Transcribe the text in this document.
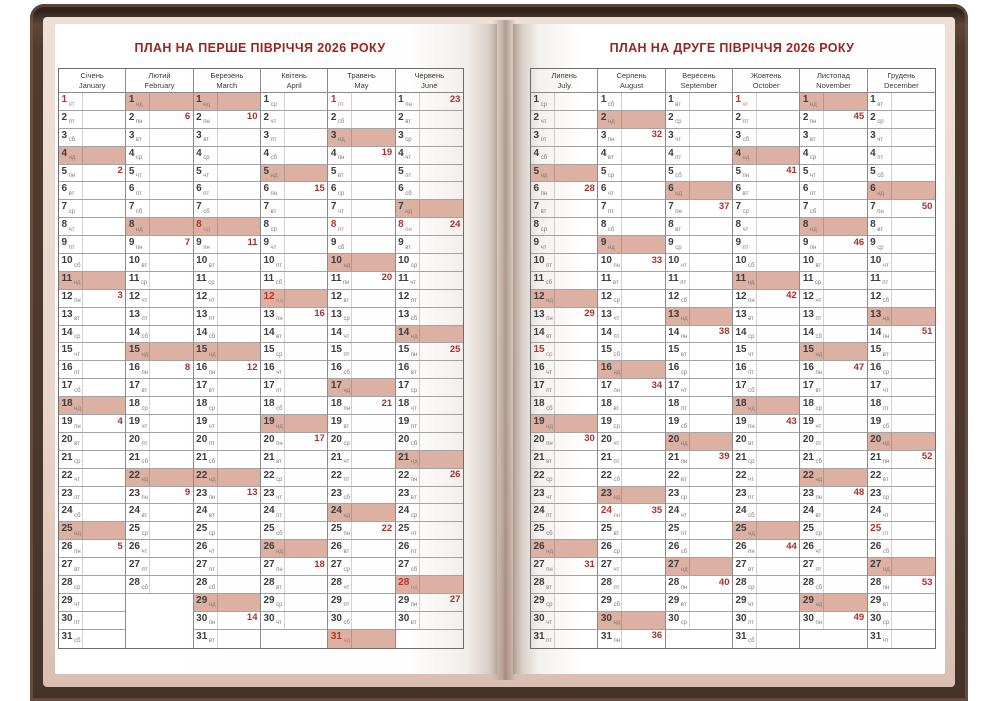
ПЛАН НА ПЕРШЕ ПІВРІЧЧЯ 2026 РОКУ	ПЛАН НА ДРУГЕ ПІВРІЧЧЯ 2026 РОКУ
Січень
January
1 чт
2 пт
3 сб
4 нд
5 пн	2
6 вт
7 ср
8 чт
9 пт
10 сб
11 нд
12 пн	3
13 вт
14 ср
15 чт
16 пт
17 сб
18 нд
19 пн	4
20 вт
21 ср
22 чт
23 пт
24 сб
25 нд
26 пн	5
27 вт
28 ср
29 чт
30 пт
31 сб
Лютий
February
1 нд
2 пн	6
3 вт
4 ср
5 чт
6 пт
7 сб
8 нд
9 пн	7
10 вт
11 ср
12 чт
13 пт
14 сб
15 нд
16 пн	8
17 вт
18 ср
19 чт
20 пт
21 сб
22 нд
23 пн	9
24 вт
25 ср
26 чт
27 пт
28 сб
Березень
March
1 нд
2 пн	10
3 вт
4 ср
5 чт
6 пт
7 сб
8 нд
9 пн	11
10 вт
11 ср
12 чт
13 пт
14 сб
15 нд
16 пн	12
17 вт
18 ср
19 чт
20 пт
21 сб
22 нд
23 пн	13
24 вт
25 ср
26 чт
27 пт
28 сб
29 нд
30 пн	14
31 вт
Квітень
April
1 ср
2 чт
3 пт
4 сб
5 нд
6 пн	15
7 вт
8 ср
9 чт
10 пт
11 сб
12 нд
13 пн	16
14 вт
15 ср
16 чт
17 пт
18 сб
19 нд
20 пн	17
21 вт
22 ср
23 чт
24 пт
25 сб
26 нд
27 пн	18
28 вт
29 ср
30 чт
Травень
May
1 пт
2 сб
3 нд
4 пн	19
5 вт
6 ср
7 чт
8 пт
9 сб
10 нд
11 пн	20
12 вт
13 ср
14 чт
15 пт
16 сб
17 нд
18 пн	21
19 вт
20 ср
21 чт
22 пт
23 сб
24 нд
25 пн	22
26 вт
27 ср
28 чт
29 пт
30 сб
31 нд
Червень
June
1 пн	23
2 вт
3 ср
4 чт
5 пт
6 сб
7 нд
8 пн	24
9 вт
10 ср
11 чт
12 пт
13 сб
14 нд
15 пн	25
16 вт
17 ср
18 чт
19 пт
20 сб
21 нд
22 пн	26
23 вт
24 ср
25 чт
26 пт
27 сб
28 нд
29 пн	27
30 вт
Липень
July
1 ср
2 чт
3 пт
4 сб
5 нд
6 пн	28
7 вт
8 ср
9 чт
10 пт
11 сб
12 нд
13 пн	29
14 вт
15 ср
16 чт
17 пт
18 сб
19 нд
20 пн	30
21 вт
22 ср
23 чт
24 пт
25 сб
26 нд
27 пн	31
28 вт
29 ср
30 чт
31 пт
Серпень
August
1 сб
2 нд
3 пн	32
4 вт
5 ср
6 чт
7 пт
8 сб
9 нд
10 пн	33
11 вт
12 ср
13 чт
14 пт
15 сб
16 нд
17 пн	34
18 вт
19 ср
20 чт
21 пт
22 сб
23 нд
24 пн	35
25 вт
26 ср
27 чт
28 пт
29 сб
30 нд
31 пн	36
Вересень
September
1 вт
2 ср
3 чт
4 пт
5 сб
6 нд
7 пн	37
8 вт
9 ср
10 чт
11 пт
12 сб
13 нд
14 пн	38
15 вт
16 ср
17 чт
18 пт
19 сб
20 нд
21 пн	39
22 вт
23 ср
24 чт
25 пт
26 сб
27 нд
28 пн	40
29 вт
30 ср
Жовтень
October
1 чт
2 пт
3 сб
4 нд
5 пн	41
6 вт
7 ср
8 чт
9 пт
10 сб
11 нд
12 пн	42
13 вт
14 ср
15 чт
16 пт
17 сб
18 нд
19 пн	43
20 вт
21 ср
22 чт
23 пт
24 сб
25 нд
26 пн	44
27 вт
28 ср
29 чт
30 пт
31 сб
Листопад
November
1 нд
2 пн	45
3 вт
4 ср
5 чт
6 пт
7 сб
8 нд
9 пн	46
10 вт
11 ср
12 чт
13 пт
14 сб
15 нд
16 пн	47
17 вт
18 ср
19 чт
20 пт
21 сб
22 нд
23 пн	48
24 вт
25 ср
26 чт
27 пт
28 сб
29 нд
30 пн	49
Грудень
December
1 вт
2 ср
3 чт
4 пт
5 сб
6 нд
7 пн	50
8 вт
9 ср
10 чт
11 пт
12 сб
13 нд
14 пн	51
15 вт
16 ср
17 чт
18 пт
19 сб
20 нд
21 пн	52
22 вт
23 ср
24 чт
25 пт
26 сб
27 нд
28 пн	53
29 вт
30 ср
31 чт
